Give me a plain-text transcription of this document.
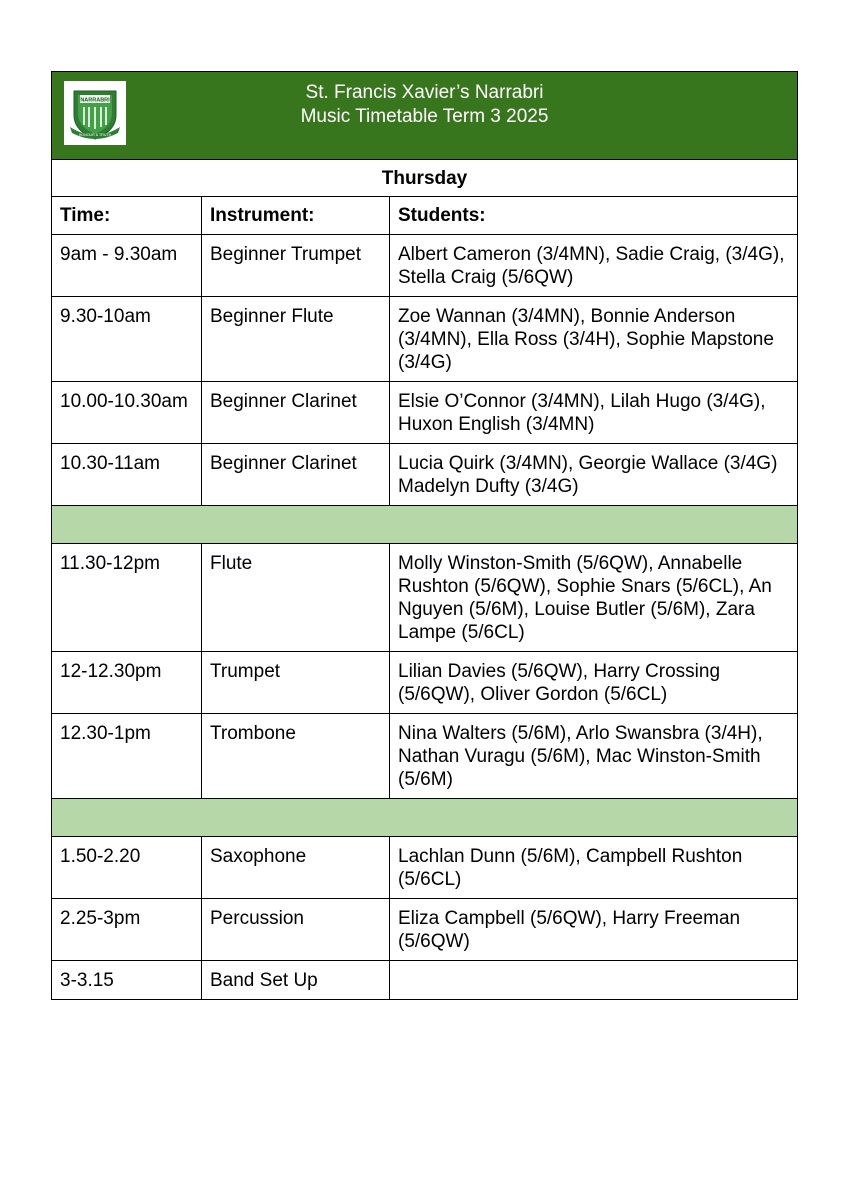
NARRABRI
HONOUR & TRUTH
St. Francis Xavier’s Narrabri
Music Timetable Term 3 2025		

Thursday		
Time:	Instrument:	Students:
9am - 9.30am	Beginner Trumpet	Albert Cameron (3/4MN), Sadie Craig, (3/4G), Stella Craig (5/6QW)
9.30-10am	Beginner Flute	Zoe Wannan (3/4MN), Bonnie Anderson (3/4MN), Ella Ross (3/4H), Sophie Mapstone (3/4G)
10.00-10.30am	Beginner Clarinet	Elsie O’Connor (3/4MN), Lilah Hugo (3/4G), Huxon English (3/4MN)
10.30-11am	Beginner Clarinet	Lucia Quirk (3/4MN), Georgie Wallace (3/4G) Madelyn Dufty (3/4G)

11.30-12pm	Flute	Molly Winston-Smith (5/6QW), Annabelle Rushton (5/6QW), Sophie Snars (5/6CL), An Nguyen (5/6M), Louise Butler (5/6M), Zara Lampe (5/6CL)
12-12.30pm	Trumpet	Lilian Davies (5/6QW), Harry Crossing (5/6QW), Oliver Gordon (5/6CL)
12.30-1pm	Trombone	Nina Walters (5/6M), Arlo Swansbra (3/4H), Nathan Vuragu (5/6M), Mac Winston-Smith (5/6M)

1.50-2.20	Saxophone	Lachlan Dunn (5/6M), Campbell Rushton (5/6CL)
2.25-3pm	Percussion	Eliza Campbell (5/6QW), Harry Freeman (5/6QW)
3-3.15	Band Set Up	
